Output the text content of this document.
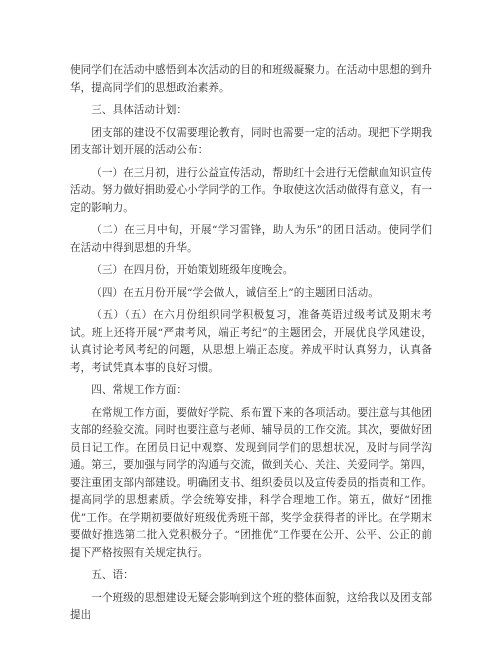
使同学们在活动中感悟到本次活动的目的和班级凝聚力。在活动中思想的到升华，提高同学们的思想政治素养。

三、具体活动计划：

团支部的建设不仅需要理论教育，同时也需要一定的活动。现把下学期我团支部计划开展的活动公布：

（一）在三月初，进行公益宣传活动，帮助红十会进行无偿献血知识宣传活动。努力做好捐助爱心小学同学的工作。争取使这次活动做得有意义，有一定的影响力。

（二）在三月中旬，开展“学习雷锋，助人为乐”的团日活动。使同学们在活动中得到思想的升华。

（三）在四月份，开始策划班级年度晚会。

（四）在五月份开展“学会做人，诚信至上”的主题团日活动。

（五）（五）在六月份组织同学积极复习，准备英语过级考试及期末考试。班上还将开展“严肃考风，端正考纪”的主题团会，开展优良学风建设，认真讨论考风考纪的问题，从思想上端正态度。养成平时认真努力，认真备考，考试凭真本事的良好习惯。

四、常规工作方面：

在常规工作方面，要做好学院、系布置下来的各项活动。要注意与其他团支部的经验交流。同时也要注意与老师、辅导员的工作交流。其次，要做好团员日记工作。在团员日记中观察、发现到同学们的思想状况，及时与同学沟通。第三，要加强与同学的沟通与交流，做到关心、关注、关爱同学。第四，要注重团支部内部建设。明确团支书、组织委员以及宣传委员的指责和工作。提高同学的思想素质。学会统筹安排，科学合理地工作。第五，做好“团推优”工作。在学期初要做好班级优秀班干部，奖学金获得者的评比。在学期末要做好推选第二批入党积极分子。“团推优”工作要在公开、公平、公正的前提下严格按照有关规定执行。

五、语：

一个班级的思想建设无疑会影响到这个班的整体面貌，这给我以及团支部提出
